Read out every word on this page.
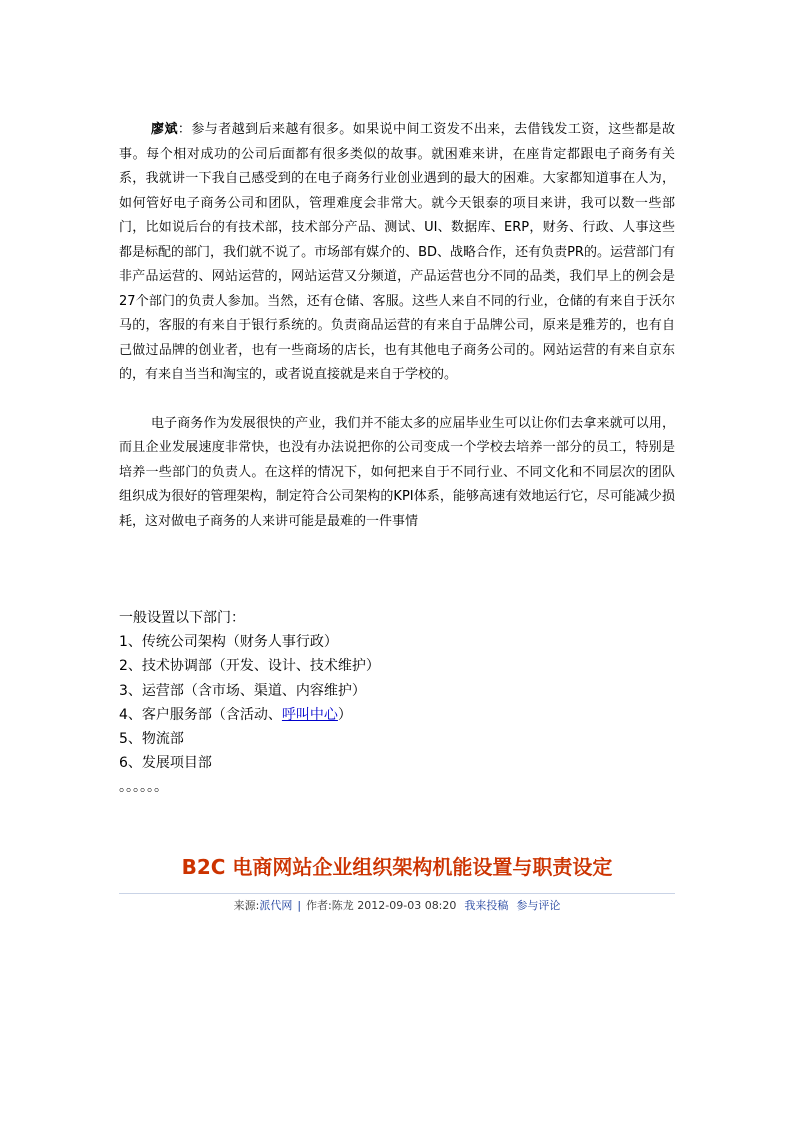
廖斌：参与者越到后来越有很多。如果说中间工资发不出来，去借钱发工资，这些都是故事。每个相对成功的公司后面都有很多类似的故事。就困难来讲，在座肯定都跟电子商务有关系，我就讲一下我自己感受到的在电子商务行业创业遇到的最大的困难。大家都知道事在人为，如何管好电子商务公司和团队，管理难度会非常大。就今天银泰的项目来讲，我可以数一些部门，比如说后台的有技术部，技术部分产品、测试、UI、数据库、ERP，财务、行政、人事这些都是标配的部门，我们就不说了。市场部有媒介的、BD、战略合作，还有负责PR的。运营部门有非产品运营的、网站运营的，网站运营又分频道，产品运营也分不同的品类，我们早上的例会是27个部门的负责人参加。当然，还有仓储、客服。这些人来自不同的行业，仓储的有来自于沃尔马的，客服的有来自于银行系统的。负责商品运营的有来自于品牌公司，原来是雅芳的，也有自己做过品牌的创业者，也有一些商场的店长，也有其他电子商务公司的。网站运营的有来自京东的，有来自当当和淘宝的，或者说直接就是来自于学校的。

电子商务作为发展很快的产业，我们并不能太多的应届毕业生可以让你们去拿来就可以用，而且企业发展速度非常快，也没有办法说把你的公司变成一个学校去培养一部分的员工，特别是培养一些部门的负责人。在这样的情况下，如何把来自于不同行业、不同文化和不同层次的团队组织成为很好的管理架构，制定符合公司架构的KPI体系，能够高速有效地运行它，尽可能减少损耗，这对做电子商务的人来讲可能是最难的一件事情

一般设置以下部门：
1、传统公司架构（财务人事行政）
2、技术协调部（开发、设计、技术维护）
3、运营部（含市场、渠道、内容维护）
4、客户服务部（含活动、呼叫中心）
5、物流部
6、发展项目部
。。。。。。
B2C 电商网站企业组织架构机能设置与职责设定
来源:派代网 | 作者:陈龙 2012-09-03 08:20 我来投稿 参与评论
